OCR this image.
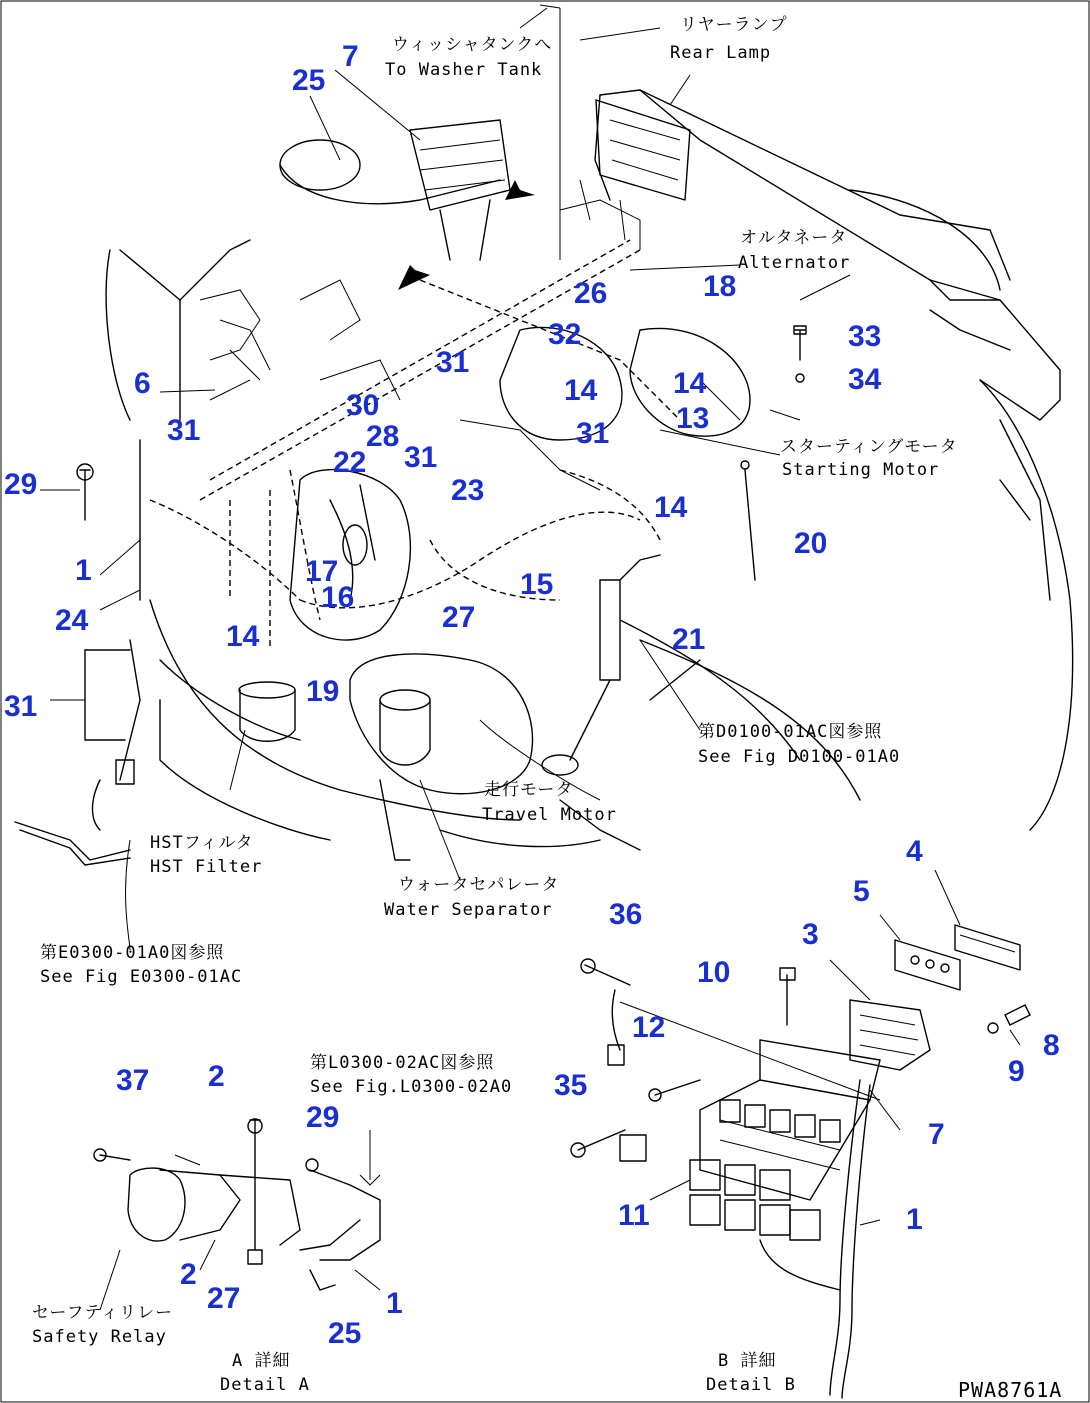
ウィッシャタンクへ
To Washer Tank
リヤーランプ
Rear Lamp
オルタネータ
Alternator
スターティングモータ
Starting Motor
第D0100-01AC図参照
See Fig D0100-01A0
走行モータ
Travel Motor
HSTフィルタ
HST Filter
ウォータセパレータ
Water Separator
第E0300-01A0図参照
See Fig E0300-01AC
第L0300-02AC図参照
See Fig.L0300-02A0
セーフティリレー
Safety Relay
A 詳細
Detail A
B 詳細
Detail B
25
7
26	18
32	33
34
6
31
14	14
31
30	13
28	31
29
22 31
23
14
20
1	17	15
16
24	27
14	21
19
31
4
5
36
3
10
12
8
9
37	35
2
29
7
11	1
2
27	1
25
PWA8761A
